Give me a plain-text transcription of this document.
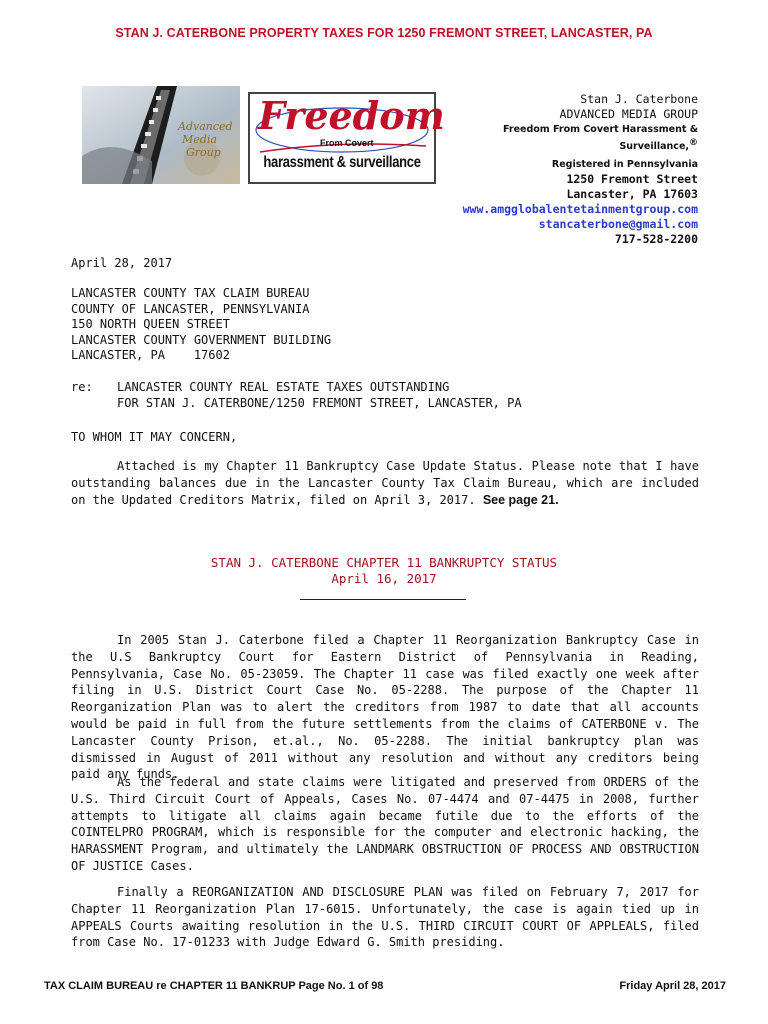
STAN J. CATERBONE PROPERTY TAXES FOR 1250 FREMONT STREET, LANCASTER, PA
Advanced
Media
Group
Freedom
From Covert
harassment & surveillance
Stan J. Caterbone
ADVANCED MEDIA GROUP
Freedom From Covert Harassment &
Surveillance,®
Registered in Pennsylvania
1250 Fremont Street
Lancaster, PA 17603
www.amgglobalentetainmentgroup.com
stancaterbone@gmail.com
717-528-2200
April 28, 2017
LANCASTER COUNTY TAX CLAIM BUREAU
COUNTY OF LANCASTER, PENNSYLVANIA
150 NORTH QUEEN STREET
LANCASTER COUNTY GOVERNMENT BUILDING
LANCASTER, PA    17602
re:	LANCASTER COUNTY REAL ESTATE TAXES OUTSTANDING
FOR STAN J. CATERBONE/1250 FREMONT STREET, LANCASTER, PA
TO WHOM IT MAY CONCERN,
Attached is my Chapter 11 Bankruptcy Case Update Status. Please note that I have outstanding balances due in the Lancaster County Tax Claim Bureau, which are included on the Updated Creditors Matrix, filed on April 3, 2017. See page 21.
STAN J. CATERBONE CHAPTER 11 BANKRUPTCY STATUS
April 16, 2017
In 2005 Stan J. Caterbone filed a Chapter 11 Reorganization Bankruptcy Case in the U.S Bankruptcy Court for Eastern District of Pennsylvania in Reading, Pennsylvania, Case No. 05-23059. The Chapter 11 case was filed exactly one week after filing in U.S. District Court Case No. 05-2288. The purpose of the Chapter 11 Reorganization Plan was to alert the creditors from 1987 to date that all accounts would be paid in full from the future settlements from the claims of CATERBONE v. The Lancaster County Prison, et.al., No. 05-2288. The initial bankruptcy plan was dismissed in August of 2011 without any resolution and without any creditors being paid any funds.
As the federal and state claims were litigated and preserved from ORDERS of the U.S. Third Circuit Court of Appeals, Cases No. 07-4474 and 07-4475 in 2008, further attempts to litigate all claims again became futile due to the efforts of the COINTELPRO PROGRAM, which is responsible for the computer and electronic hacking, the HARASSMENT Program, and ultimately the LANDMARK OBSTRUCTION OF PROCESS AND OBSTRUCTION OF JUSTICE Cases.
Finally a REORGANIZATION AND DISCLOSURE PLAN was filed on February 7, 2017 for Chapter 11 Reorganization Plan 17-6015. Unfortunately, the case is again tied up in APPEALS Courts awaiting resolution in the U.S. THIRD CIRCUIT COURT OF APPLEALS, filed from Case No. 17-01233 with Judge Edward G. Smith presiding.
TAX CLAIM BUREAU re CHAPTER 11 BANKRUP Page No. 1 of 98	Friday April 28, 2017
